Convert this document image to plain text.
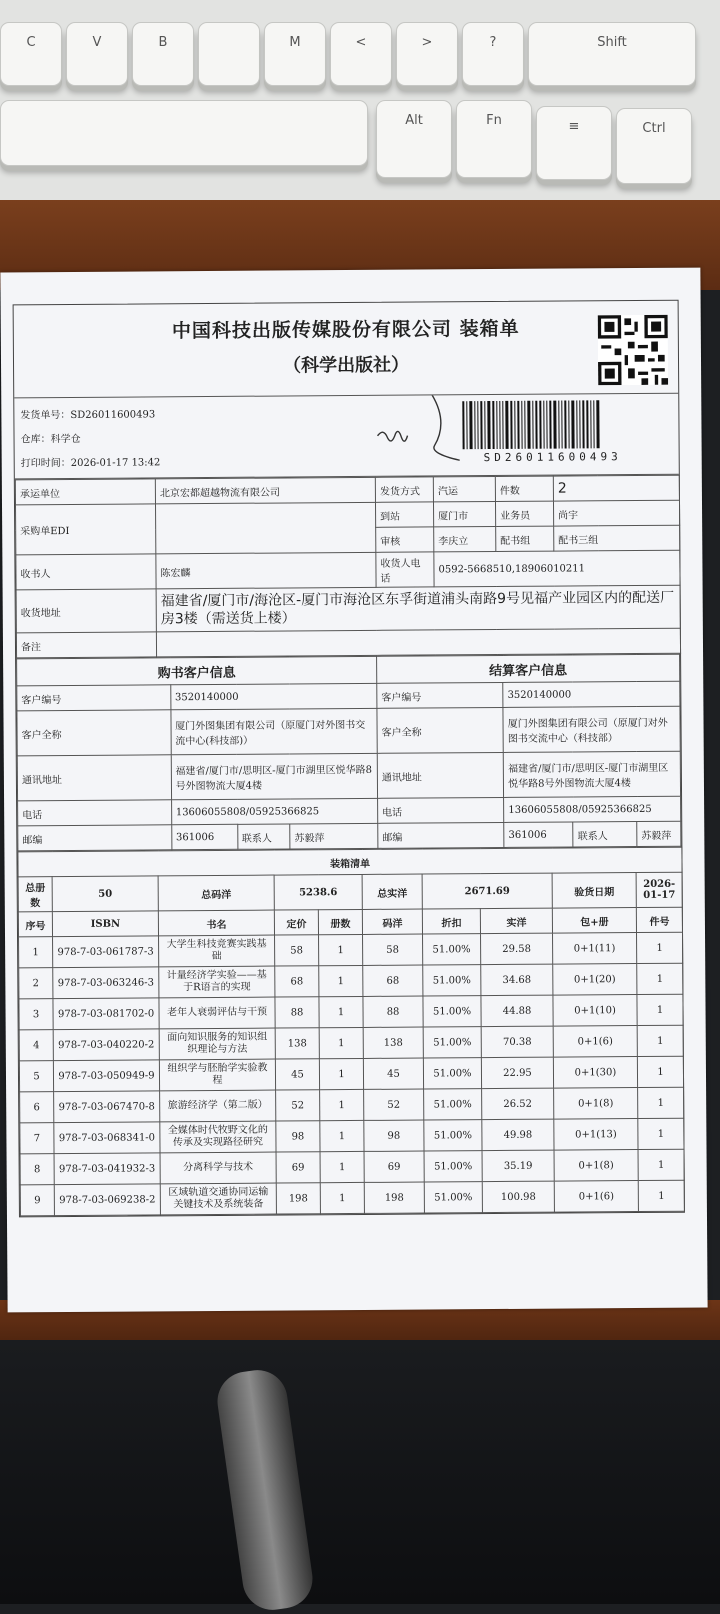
C	V	B	M	<	>	?	Shift
Alt	Fn	≡	Ctrl
中国科技出版传媒股份有限公司 装箱单
（科学出版社）
发货单号：SD26011600493
仓库：科学仓
打印时间：2026-01-17 13:42	SD26011600493
承运单位	北京宏都超越物流有限公司	发货方式	汽运	件数	2
采购单EDI		到站	厦门市	业务员	尚宇
		审核	李庆立	配书组	配书三组
收书人	陈宏麟	收货人电话	0592-5668510,18906010211		
收货地址	福建省/厦门市/海沧区-厦门市海沧区东孚街道浦头南路9号见福产业园区内的配送厂房3楼（需送货上楼）				
备注					
购书客户信息				结算客户信息			
客户编号	3520140000			客户编号	3520140000		
客户全称	厦门外图集团有限公司（原厦门对外图书交流中心(科技部)）			客户全称	厦门外图集团有限公司（原厦门对外图书交流中心（科技部）		
通讯地址	福建省/厦门市/思明区-厦门市湖里区悦华路8号外图物流大厦4楼			通讯地址	福建省/厦门市/思明区-厦门市湖里区悦华路8号外图物流大厦4楼		
电话	13606055808/05925366825			电话	13606055808/05925366825		
邮编	361006	联系人	苏毅萍	邮编	361006	联系人	苏毅萍
装箱清单									
总册数	50	总码洋	5238.6		总实洋	2671.69		验货日期	2026-01-17
序号	ISBN	书名	定价	册数	码洋	折扣	实洋	包+册	件号
1	978-7-03-061787-3	大学生科技竞赛实践基础	58	1	58	51.00%	29.58	0+1(11)	1
2	978-7-03-063246-3	计量经济学实验——基于R语言的实现	68	1	68	51.00%	34.68	0+1(20)	1
3	978-7-03-081702-0	老年人衰弱评估与干预	88	1	88	51.00%	44.88	0+1(10)	1
4	978-7-03-040220-2	面向知识服务的知识组织理论与方法	138	1	138	51.00%	70.38	0+1(6)	1
5	978-7-03-050949-9	组织学与胚胎学实验教程	45	1	45	51.00%	22.95	0+1(30)	1
6	978-7-03-067470-8	旅游经济学（第二版）	52	1	52	51.00%	26.52	0+1(8)	1
7	978-7-03-068341-0	全媒体时代牧野文化的传承及实现路径研究	98	1	98	51.00%	49.98	0+1(13)	1
8	978-7-03-041932-3	分离科学与技术	69	1	69	51.00%	35.19	0+1(8)	1
9	978-7-03-069238-2	区域轨道交通协同运输关键技术及系统装备	198	1	198	51.00%	100.98	0+1(6)	1
